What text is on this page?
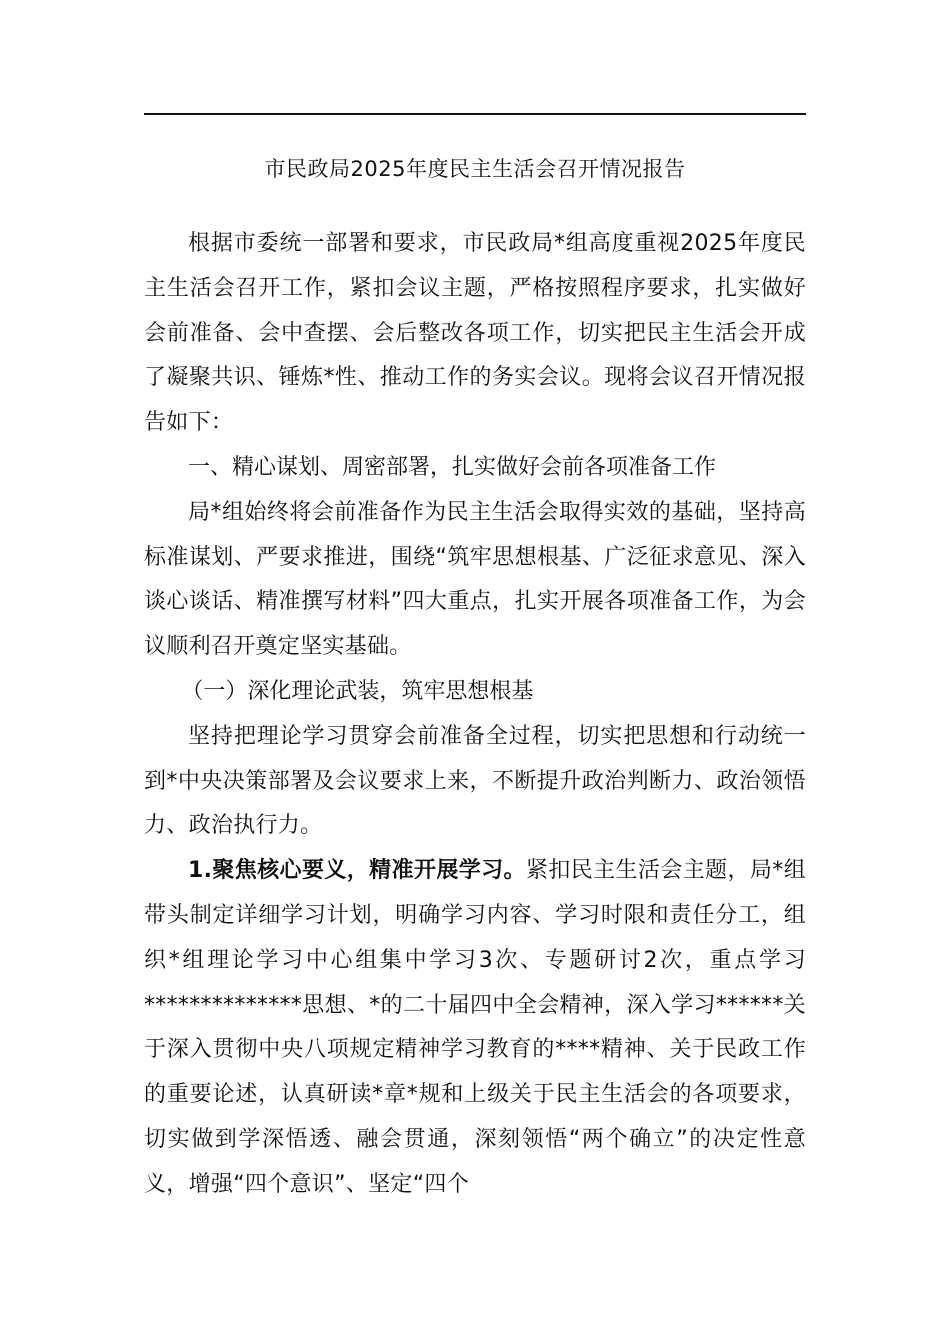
市民政局2025年度民主生活会召开情况报告

根据市委统一部署和要求，市民政局*组高度重视2025年度民主生活会召开工作，紧扣会议主题，严格按照程序要求，扎实做好会前准备、会中查摆、会后整改各项工作，切实把民主生活会开成了凝聚共识、锤炼*性、推动工作的务实会议。现将会议召开情况报告如下：

一、精心谋划、周密部署，扎实做好会前各项准备工作

局*组始终将会前准备作为民主生活会取得实效的基础，坚持高标准谋划、严要求推进，围绕“筑牢思想根基、广泛征求意见、深入谈心谈话、精准撰写材料”四大重点，扎实开展各项准备工作，为会议顺利召开奠定坚实基础。

（一）深化理论武装，筑牢思想根基

坚持把理论学习贯穿会前准备全过程，切实把思想和行动统一到*中央决策部署及会议要求上来，不断提升政治判断力、政治领悟力、政治执行力。

1.聚焦核心要义，精准开展学习。紧扣民主生活会主题，局*组带头制定详细学习计划，明确学习内容、学习时限和责任分工，组织*组理论学习中心组集中学习3次、专题研讨2次，重点学习**************思想、*的二十届四中全会精神，深入学习******关于深入贯彻中央八项规定精神学习教育的****精神、关于民政工作的重要论述，认真研读*章*规和上级关于民主生活会的各项要求，切实做到学深悟透、融会贯通，深刻领悟“两个确立”的决定性意义，增强“四个意识”、坚定“四个
